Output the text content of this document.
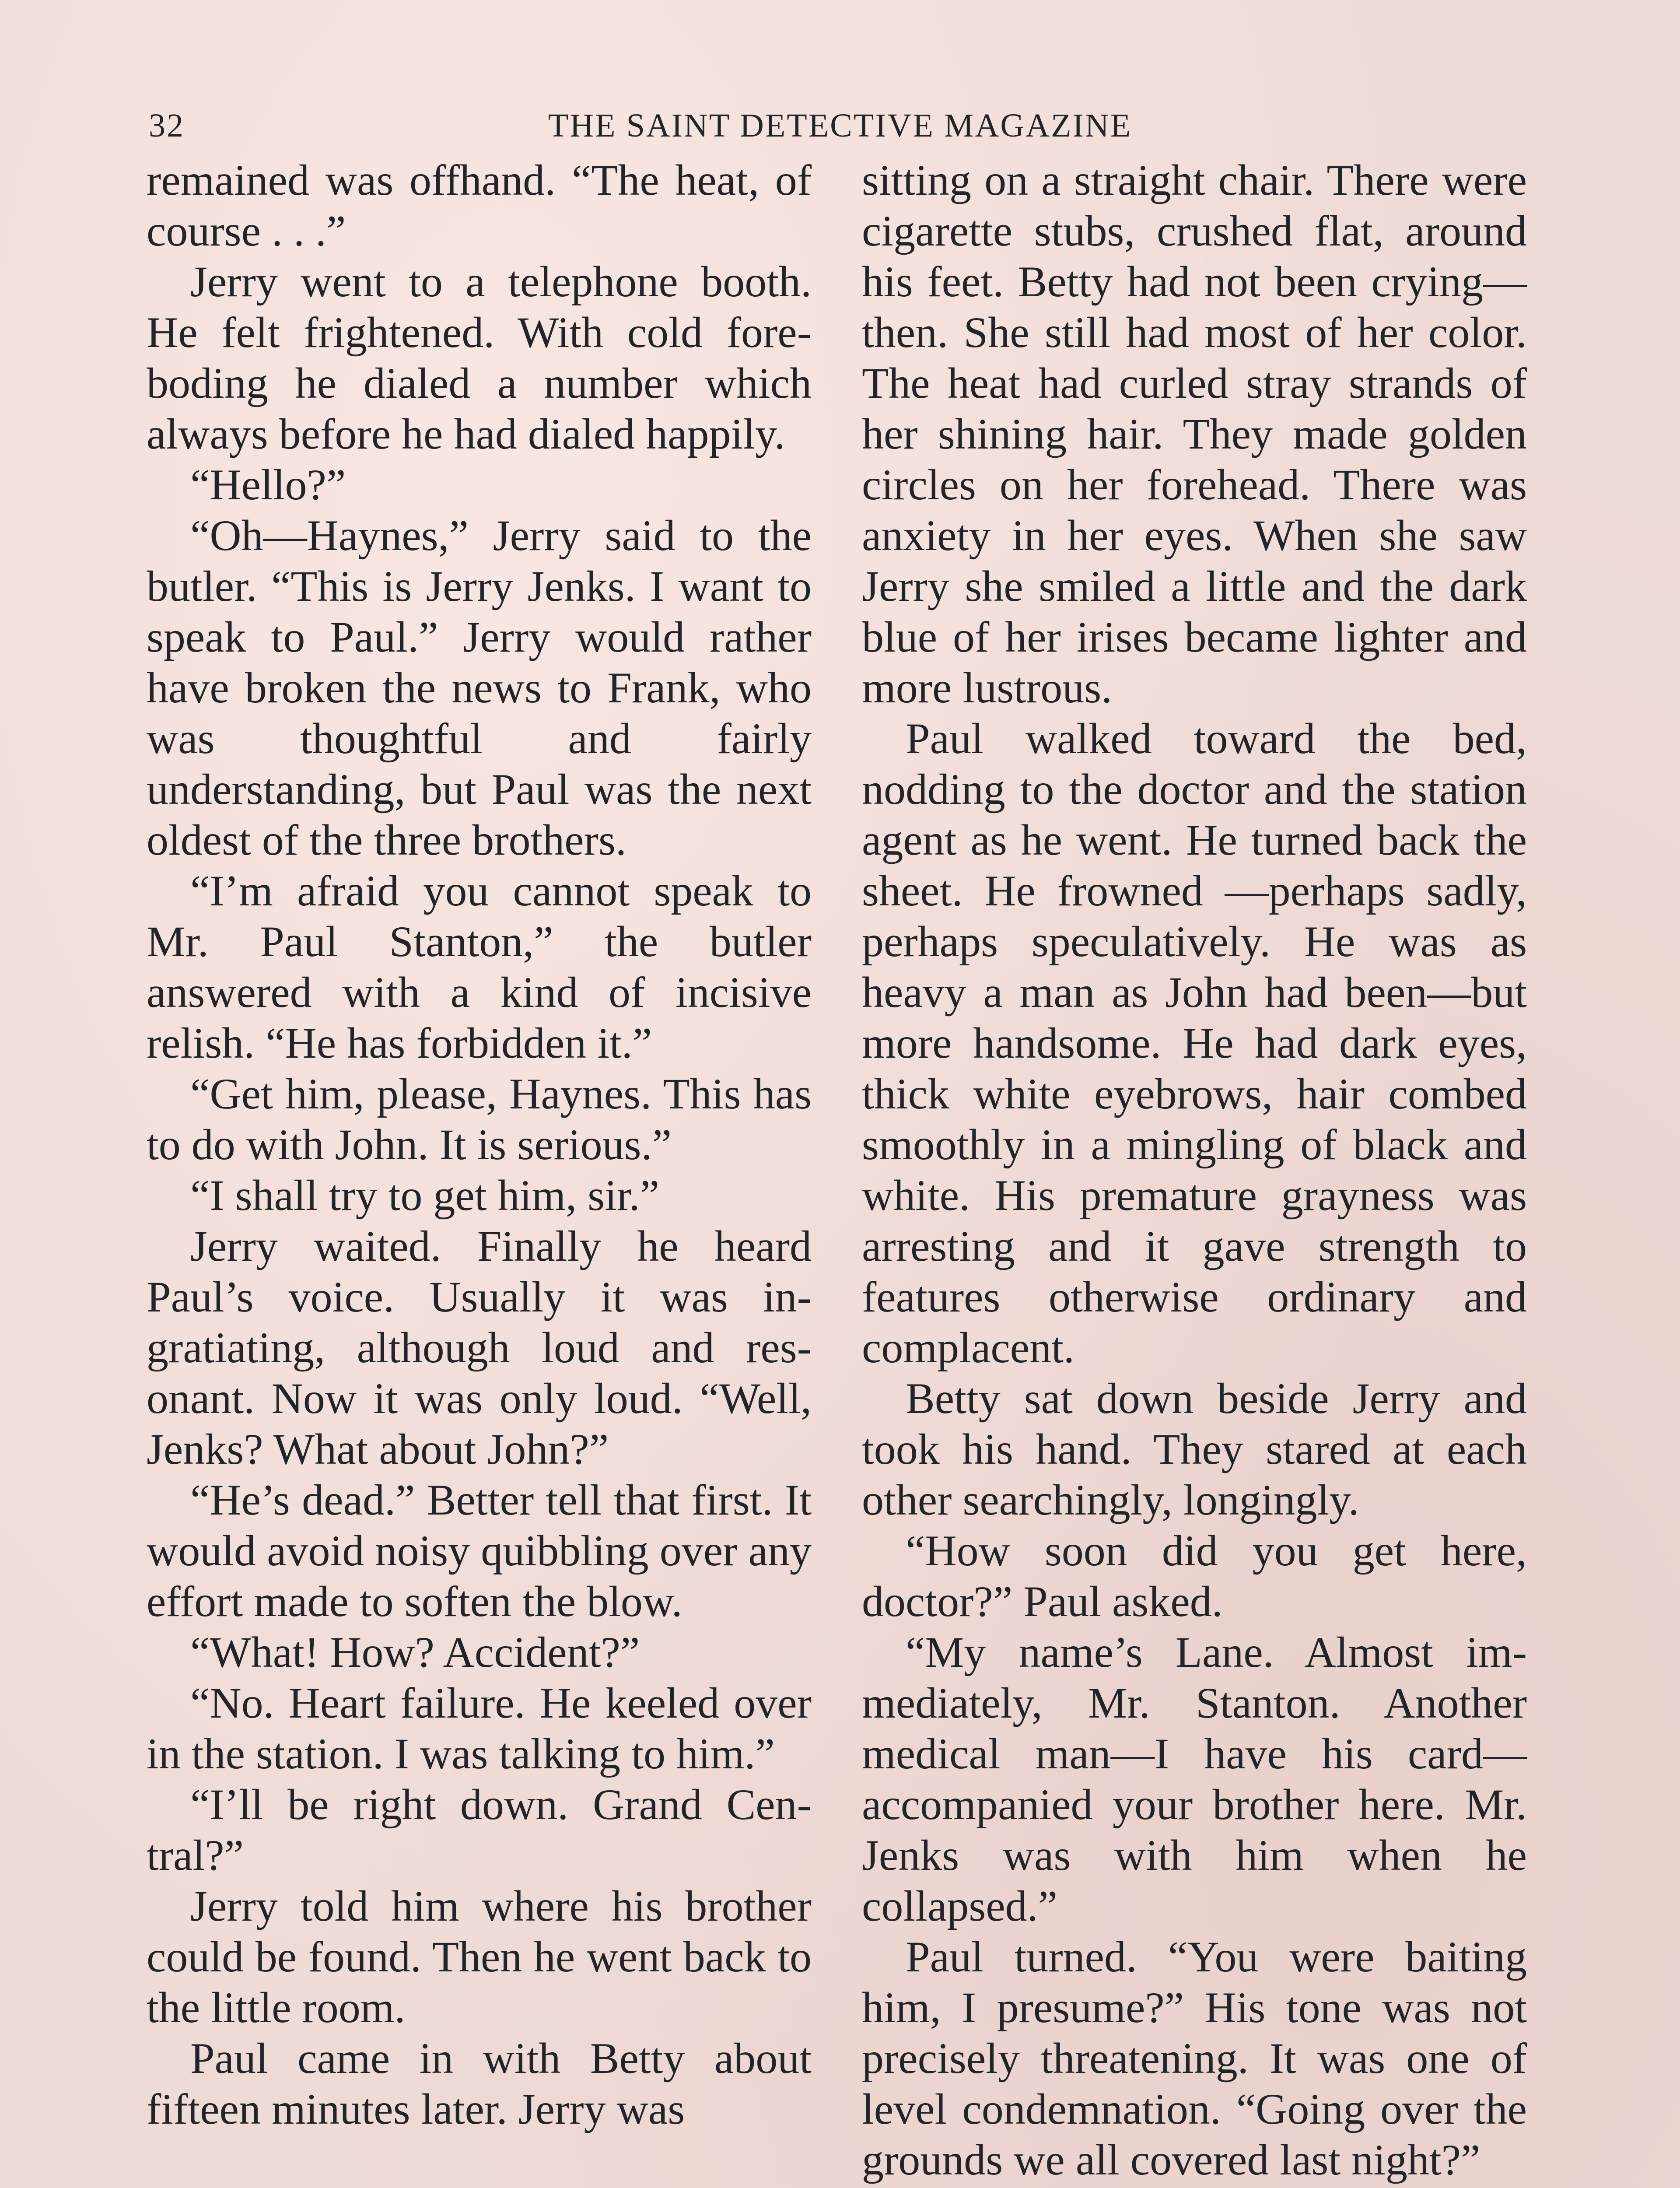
32	THE SAINT DETECTIVE MAGAZINE

remained was offhand. “The heat, of course . . .”

Jerry went to a telephone booth. He felt frightened. With cold foreboding he dialed a number which always before he had dialed happily.

“Hello?”

“Oh—Haynes,” Jerry said to the butler. “This is Jerry Jenks. I want to speak to Paul.” Jerry would rather have broken the news to Frank, who was thoughtful and fairly understanding, but Paul was the next oldest of the three brothers.

“I’m afraid you cannot speak to Mr. Paul Stanton,” the butler answered with a kind of incisive relish. “He has forbidden it.”

“Get him, please, Haynes. This has to do with John. It is serious.”

“I shall try to get him, sir.”

Jerry waited. Finally he heard Paul’s voice. Usually it was ingratiating, although loud and resonant. Now it was only loud. “Well, Jenks? What about John?”

“He’s dead.” Better tell that first. It would avoid noisy quibbling over any effort made to soften the blow.

“What! How? Accident?”

“No. Heart failure. He keeled over in the station. I was talking to him.”

“I’ll be right down. Grand Central?”

Jerry told him where his brother could be found. Then he went back to the little room.

Paul came in with Betty about fifteen minutes later. Jerry was

sitting on a straight chair. There were cigarette stubs, crushed flat, around his feet. Betty had not been crying—then. She still had most of her color. The heat had curled stray strands of her shining hair. They made golden circles on her forehead. There was anxiety in her eyes. When she saw Jerry she smiled a little and the dark blue of her irises became lighter and more lustrous.

Paul walked toward the bed, nodding to the doctor and the station agent as he went. He turned back the sheet. He frowned —perhaps sadly, perhaps speculatively. He was as heavy a man as John had been—but more handsome. He had dark eyes, thick white eyebrows, hair combed smoothly in a mingling of black and white. His premature grayness was arresting and it gave strength to features otherwise ordinary and complacent.

Betty sat down beside Jerry and took his hand. They stared at each other searchingly, longingly.

“How soon did you get here, doctor?” Paul asked.

“My name’s Lane. Almost immediately, Mr. Stanton. Another medical man—I have his card—accompanied your brother here. Mr. Jenks was with him when he collapsed.”

Paul turned. “You were baiting him, I presume?” His tone was not precisely threatening. It was one of level condemnation. “Going over the grounds we all covered last night?”
